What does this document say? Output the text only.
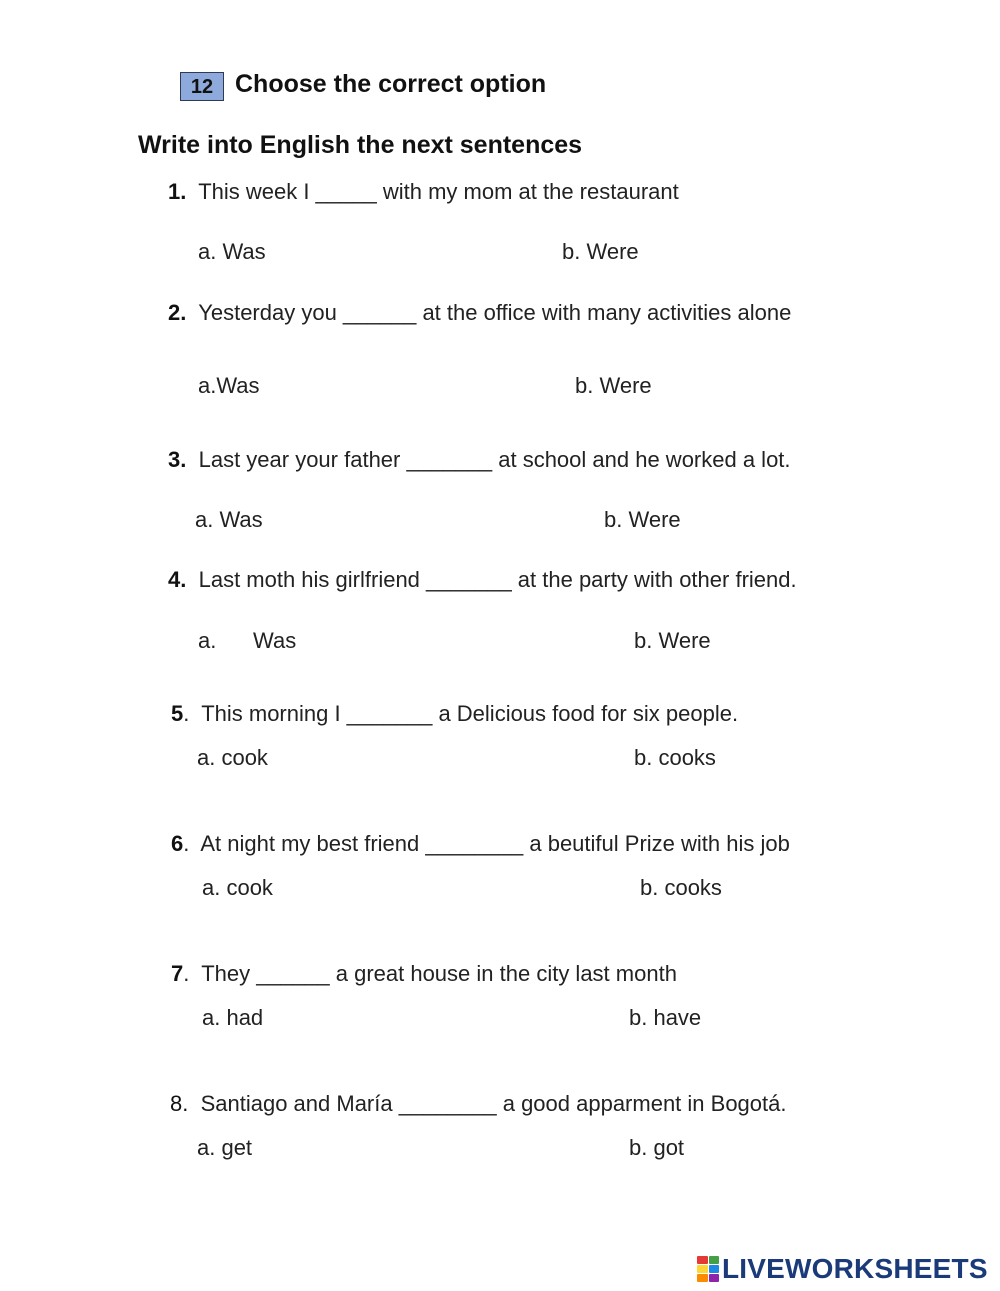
12 Choose the correct option
Write into English the next sentences
1. This week I _____ with my mom at the restaurant
a. Was	b. Were
2. Yesterday you ______ at the office with many activities alone
a.Was	b. Were
3. Last year your father _______ at school and he worked a lot.
a. Was	b. Were
4. Last moth his girlfriend _______ at the party with other friend.
a.      Was	b. Were
5.  This morning I _______ a Delicious food for six people.
a. cook	b. cooks
6.  At night my best friend ________ a beutiful Prize with his job
a. cook	b. cooks
7.  They ______ a great house in the city last month
a. had	b. have
8. Santiago and María ________ a good apparment in Bogotá.
a. get	b. got
LIVEWORKSHEETS
